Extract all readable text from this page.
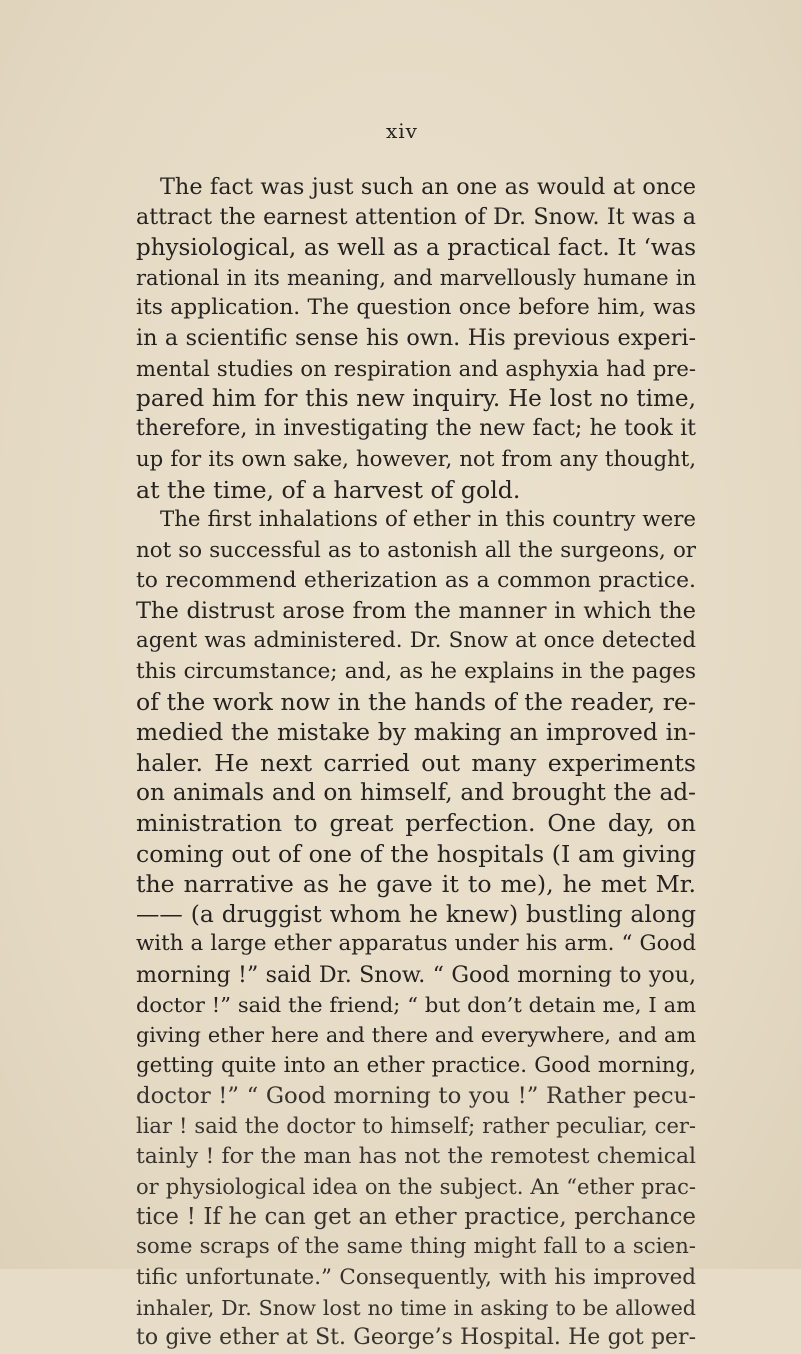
xiv
The fact was just such an one as would at once
attract the earnest attention of Dr. Snow. It was a
physiological, as well as a practical fact. It ‘was
rational in its meaning, and marvellously humane in
its application. The question once before him, was
in a scientific sense his own. His previous experi-
mental studies on respiration and asphyxia had pre-
pared him for this new inquiry. He lost no time,
therefore, in investigating the new fact; he took it
up for its own sake, however, not from any thought,
at the time, of a harvest of gold.
The first inhalations of ether in this country were
not so successful as to astonish all the surgeons, or
to recommend etherization as a common practice.
The distrust arose from the manner in which the
agent was administered. Dr. Snow at once detected
this circumstance; and, as he explains in the pages
of the work now in the hands of the reader, re-
medied the mistake by making an improved in-
haler. He next carried out many experiments
on animals and on himself, and brought the ad-
ministration to great perfection. One day, on
coming out of one of the hospitals (I am giving
the narrative as he gave it to me), he met Mr.
—— (a druggist whom he knew) bustling along
with a large ether apparatus under his arm. “ Good
morning !” said Dr. Snow. “ Good morning to you,
doctor !” said the friend; “ but don’t detain me, I am
giving ether here and there and everywhere, and am
getting quite into an ether practice. Good morning,
doctor !” “ Good morning to you !” Rather pecu-
liar ! said the doctor to himself; rather peculiar, cer-
tainly ! for the man has not the remotest chemical
or physiological idea on the subject. An “ether prac-
tice ! If he can get an ether practice, perchance
some scraps of the same thing might fall to a scien-
tific unfortunate.” Consequently, with his improved
inhaler, Dr. Snow lost no time in asking to be allowed
to give ether at St. George’s Hospital. He got per-
